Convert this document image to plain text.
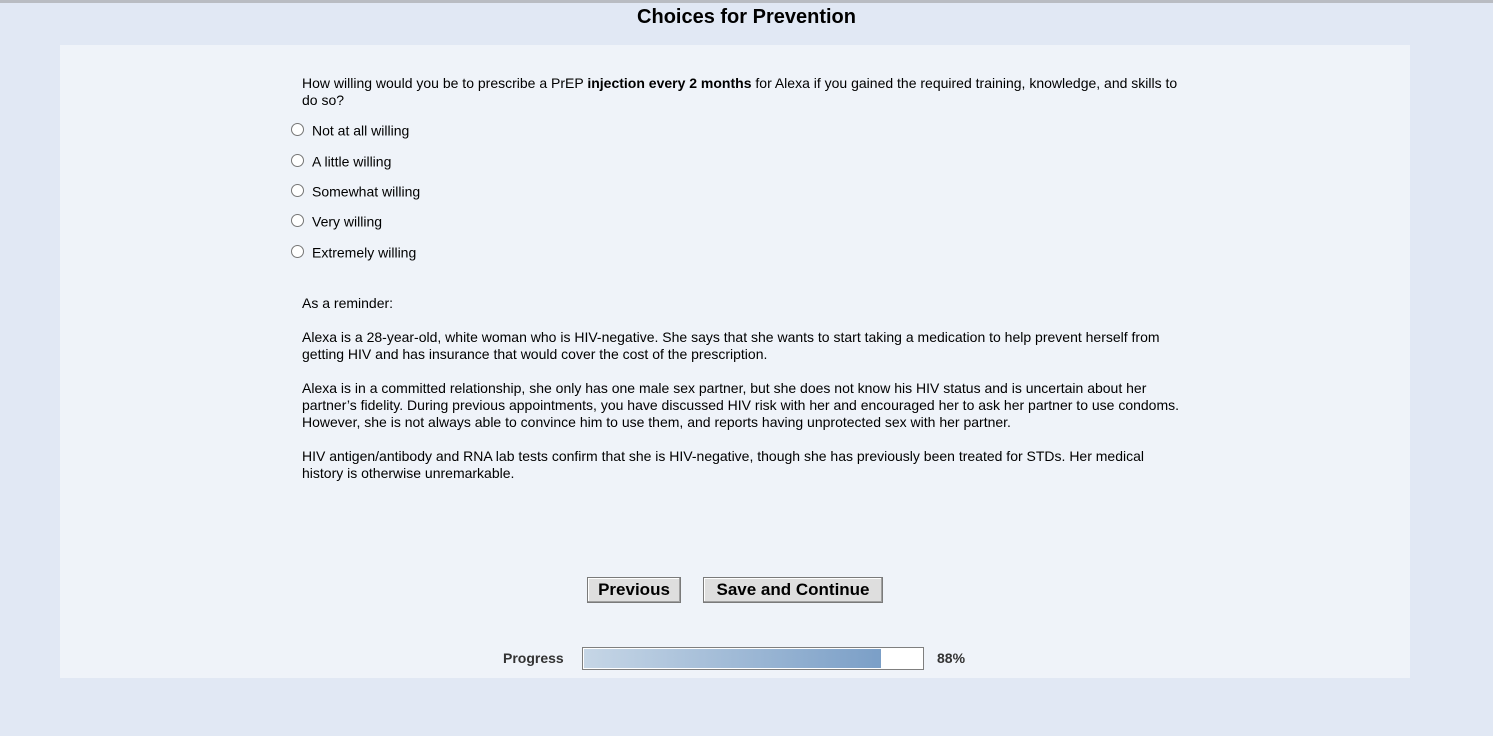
Choices for Prevention
How willing would you be to prescribe a PrEP injection every 2 months for Alexa if you gained the required training, knowledge, and skills to do so?
Not at all willing
A little willing
Somewhat willing
Very willing
Extremely willing

As a reminder:

Alexa is a 28-year-old, white woman who is HIV-negative. She says that she wants to start taking a medication to help prevent herself from getting HIV and has insurance that would cover the cost of the prescription.

Alexa is in a committed relationship, she only has one male sex partner, but she does not know his HIV status and is uncertain about her partner’s fidelity. During previous appointments, you have discussed HIV risk with her and encouraged her to ask her partner to use condoms. However, she is not always able to convince him to use them, and reports having unprotected sex with her partner.

HIV antigen/antibody and RNA lab tests confirm that she is HIV-negative, though she has previously been treated for STDs. Her medical history is otherwise unremarkable.

Previous	Save and Continue
Progress	88%
